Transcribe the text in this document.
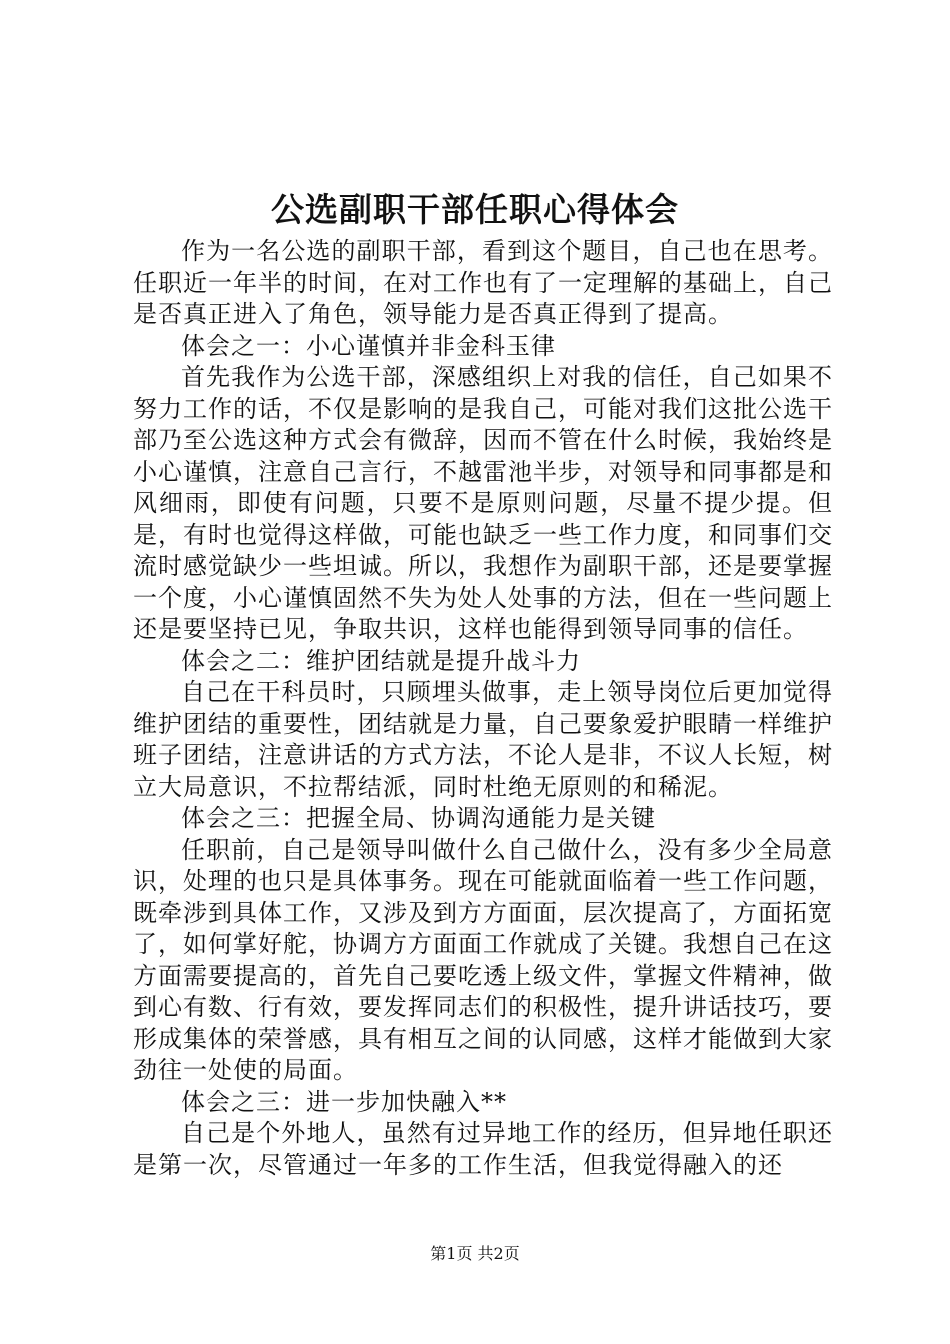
公选副职干部任职心得体会

作为一名公选的副职干部，看到这个题目，自己也在思考。任职近一年半的时间，在对工作也有了一定理解的基础上，自己是否真正进入了角色，领导能力是否真正得到了提高。

体会之一：小心谨慎并非金科玉律

首先我作为公选干部，深感组织上对我的信任，自己如果不努力工作的话，不仅是影响的是我自己，可能对我们这批公选干部乃至公选这种方式会有微辞，因而不管在什么时候，我始终是小心谨慎，注意自己言行，不越雷池半步，对领导和同事都是和风细雨，即使有问题，只要不是原则问题，尽量不提少提。但是，有时也觉得这样做，可能也缺乏一些工作力度，和同事们交流时感觉缺少一些坦诚。所以，我想作为副职干部，还是要掌握一个度，小心谨慎固然不失为处人处事的方法，但在一些问题上还是要坚持已见，争取共识，这样也能得到领导同事的信任。

体会之二：维护团结就是提升战斗力

自己在干科员时，只顾埋头做事，走上领导岗位后更加觉得维护团结的重要性，团结就是力量，自己要象爱护眼睛一样维护班子团结，注意讲话的方式方法，不论人是非，不议人长短，树立大局意识，不拉帮结派，同时杜绝无原则的和稀泥。

体会之三：把握全局、协调沟通能力是关键

任职前，自己是领导叫做什么自己做什么，没有多少全局意识，处理的也只是具体事务。现在可能就面临着一些工作问题，既牵涉到具体工作，又涉及到方方面面，层次提高了，方面拓宽了，如何掌好舵，协调方方面面工作就成了关键。我想自己在这方面需要提高的，首先自己要吃透上级文件，掌握文件精神，做到心有数、行有效，要发挥同志们的积极性，提升讲话技巧，要形成集体的荣誉感，具有相互之间的认同感，这样才能做到大家劲往一处使的局面。

体会之三：进一步加快融入**

自己是个外地人，虽然有过异地工作的经历，但异地任职还是第一次，尽管通过一年多的工作生活，但我觉得融入的还

第1页 共2页
